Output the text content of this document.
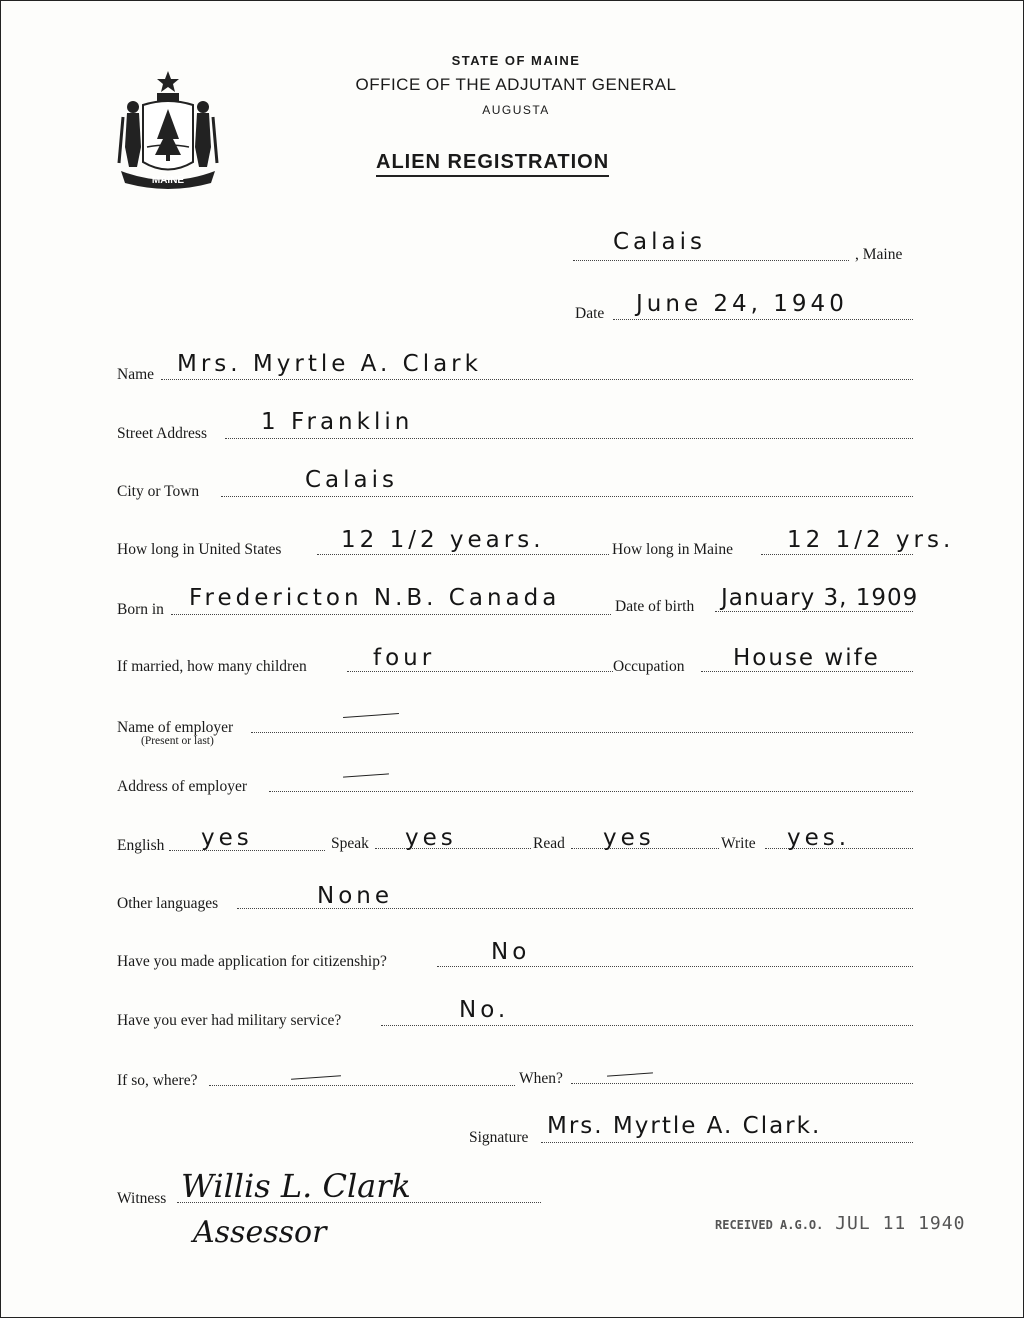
MAINE
STATE OF MAINE
OFFICE OF THE ADJUTANT GENERAL
AUGUSTA
ALIEN REGISTRATION
Calais	, Maine
Date June 24, 1940
Name Mrs. Myrtle A. Clark
Street Address 1 Franklin
City or Town	Calais
How long in United States	12 1/2 years.	How long in Maine 12 1/2 yrs.
Born in Fredericton N.B. Canada	Date of birth January 3, 1909
If married, how many children	four	Occupation House wife
Name of employer
(Present or last)
Address of employer
English yes	Speak yes	Read yes	Write yes.
Other languages	None
Have you made application for citizenship?	No
Have you ever had military service?	No.
If so, where?	When?
Signature Mrs. Myrtle A. Clark.
Witness Willis L. Clark
Assessor	RECEIVED A.G.O. JUL 11 1940
